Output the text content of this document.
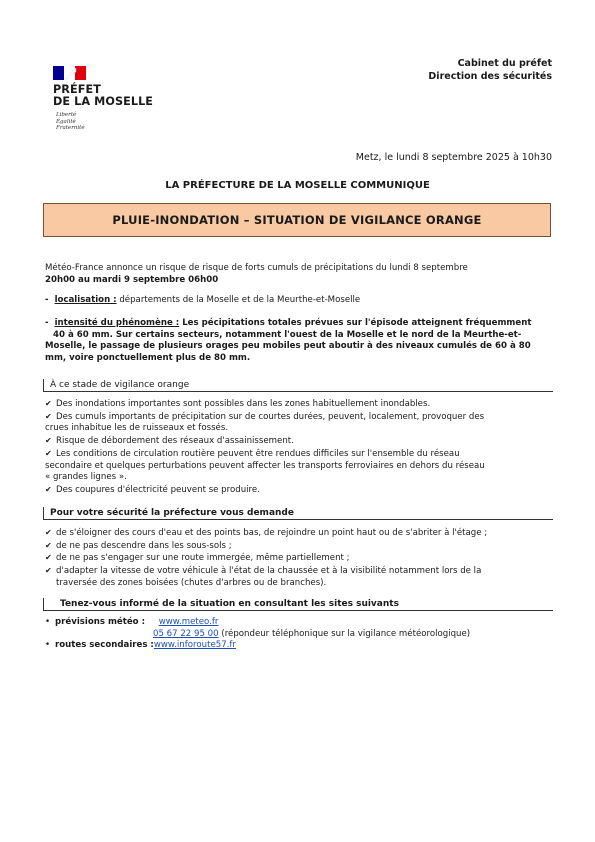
PRÉFET
DE LA MOSELLE
Liberté
Égalité
Fraternité
Cabinet du préfet
Direction des sécurités
Metz, le lundi 8 septembre 2025 à 10h30
LA PRÉFECTURE DE LA MOSELLE COMMUNIQUE
PLUIE-INONDATION – SITUATION DE VIGILANCE ORANGE
Météo-France annonce un risque de risque de forts cumuls de précipitations du lundi 8 septembre
20h00 au mardi 9 septembre 06h00
-  localisation : départements de la Moselle et de la Meurthe-et-Moselle
-  intensité du phénomène : Les pécipitations totales prévues sur l'épisode atteignent fréquemment
40 à 60 mm. Sur certains secteurs, notamment l'ouest de la Moselle et le nord de la Meurthe-et-
Moselle, le passage de plusieurs orages peu mobiles peut aboutir à des niveaux cumulés de 60 à 80
mm, voire ponctuellement plus de 80 mm.
À ce stade de vigilance orange
✔ Des inondations importantes sont possibles dans les zones habituellement inondables.
✔ Des cumuls importants de précipitation sur de courtes durées, peuvent, localement, provoquer des
crues inhabitue les de ruisseaux et fossés.
✔ Risque de débordement des réseaux d'assainissement.
✔ Les conditions de circulation routière peuvent être rendues difficiles sur l'ensemble du réseau
secondaire et quelques perturbations peuvent affecter les transports ferroviaires en dehors du réseau
« grandes lignes ».
✔ Des coupures d'électricité peuvent se produire.
Pour votre sécurité la préfecture vous demande
✔ de s'éloigner des cours d'eau et des points bas, de rejoindre un point haut ou de s'abriter à l'étage ;
✔ de ne pas descendre dans les sous-sols ;
✔ de ne pas s'engager sur une route immergée, même partiellement ;
✔ d'adapter la vitesse de votre véhicule à l'état de la chaussée et à la visibilité notamment lors de la
traversée des zones boisées (chutes d'arbres ou de branches).
Tenez-vous informé de la situation en consultant les sites suivants
• prévisions météo : www.meteo.fr
05 67 22 95 00 (répondeur téléphonique sur la vigilance météorologique)
• routes secondaires :www.inforoute57.fr
